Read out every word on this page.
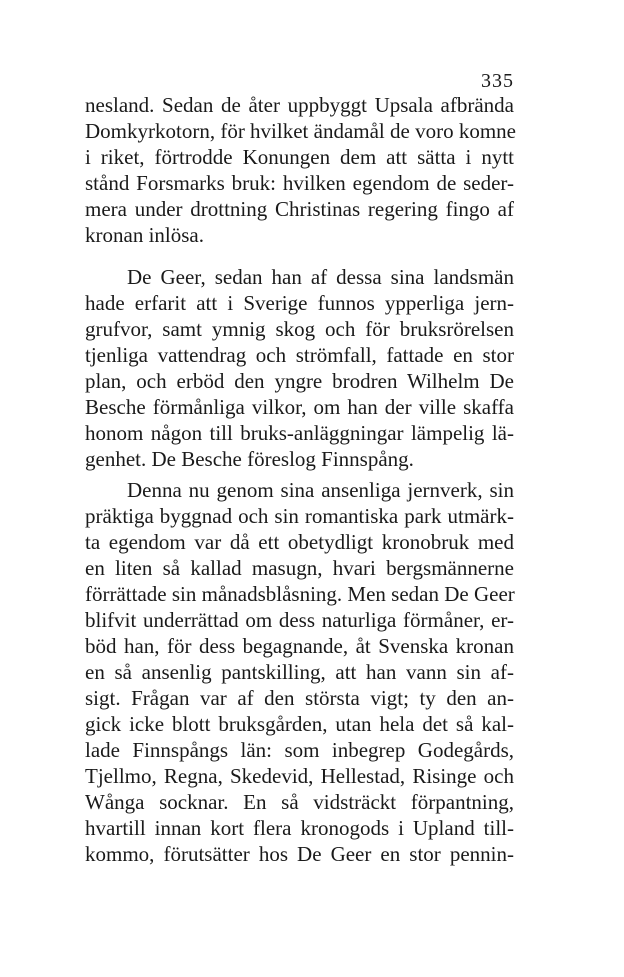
335
nesland. Sedan de åter uppbyggt Upsala afbrända
Domkyrkotorn, för hvilket ändamål de voro komne
i riket, förtrodde Konungen dem att sätta i nytt
stånd Forsmarks bruk: hvilken egendom de seder-
mera under drottning Christinas regering fingo af
kronan inlösa.
De Geer, sedan han af dessa sina landsmän
hade erfarit att i Sverige funnos ypperliga jern-
grufvor, samt ymnig skog och för bruksrörelsen
tjenliga vattendrag och strömfall, fattade en stor
plan, och erböd den yngre brodren Wilhelm De
Besche förmånliga vilkor, om han der ville skaffa
honom någon till bruks-anläggningar lämpelig lä-
genhet. De Besche föreslog Finnspång.
Denna nu genom sina ansenliga jernverk, sin
präktiga byggnad och sin romantiska park utmärk-
ta egendom var då ett obetydligt kronobruk med
en liten så kallad masugn, hvari bergsmännerne
förrättade sin månadsblåsning. Men sedan De Geer
blifvit underrättad om dess naturliga förmåner, er-
böd han, för dess begagnande, åt Svenska kronan
en så ansenlig pantskilling, att han vann sin af-
sigt. Frågan var af den största vigt; ty den an-
gick icke blott bruksgården, utan hela det så kal-
lade Finnspångs län: som inbegrep Godegårds,
Tjellmo, Regna, Skedevid, Hellestad, Risinge och
Wånga socknar. En så vidsträckt förpantning,
hvartill innan kort flera kronogods i Upland till-
kommo, förutsätter hos De Geer en stor pennin-
